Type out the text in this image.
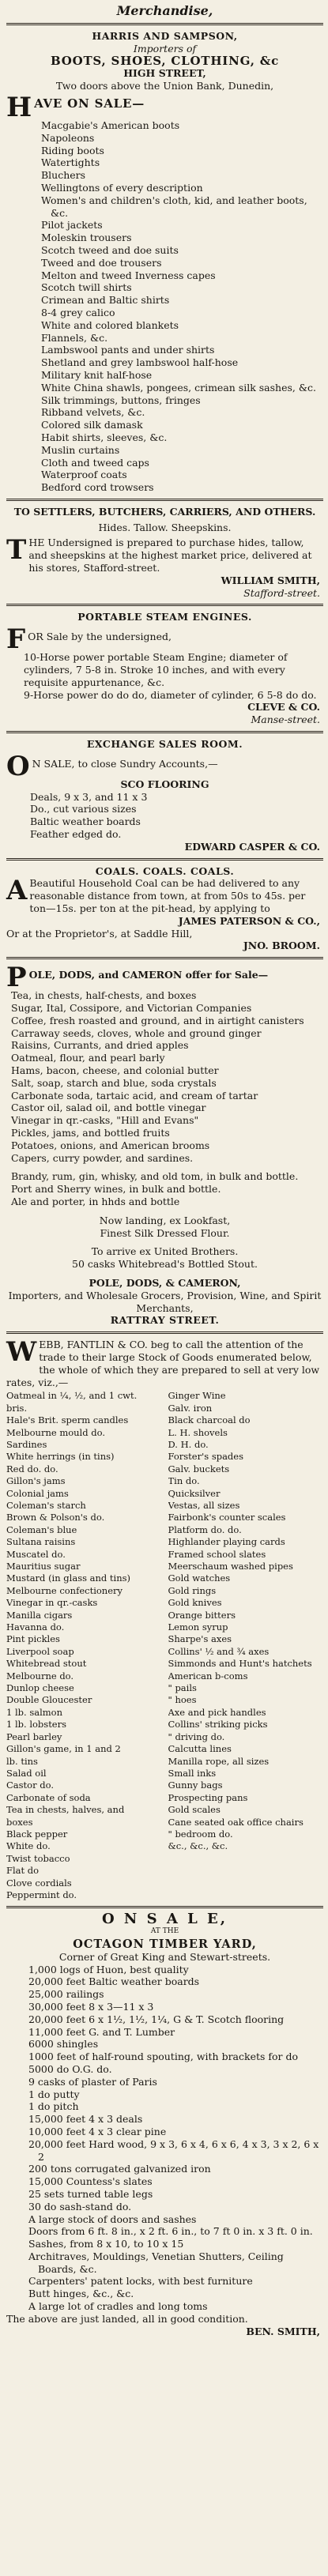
Merchandise,

HARRIS AND SAMPSON,

Importers of

BOOTS, SHOES, CLOTHING, &c

HIGH STREET,

Two doors above the Union Bank, Dunedin,

H AVE ON SALE—

Macgabie's American boots

Napoleons

Riding boots

Watertights

Bluchers

Wellingtons of every description

Women's and children's cloth, kid, and leather boots, &c.

Pilot jackets

Moleskin trousers

Scotch tweed and doe suits

Tweed and doe trousers

Melton and tweed Inverness capes

Scotch twill shirts

Crimean and Baltic shirts

8-4 grey calico

White and colored blankets

Flannels, &c.

Lambswool pants and under shirts

Shetland and grey lambswool half-hose

Military knit half-hose

White China shawls, pongees, crimean silk sashes, &c.

Silk trimmings, buttons, fringes

Ribband velvets, &c.

Colored silk damask

Habit shirts, sleeves, &c.

Muslin curtains

Cloth and tweed caps

Waterproof coats

Bedford cord trowsers

TO SETTLERS, BUTCHERS, CARRIERS, AND OTHERS.

Hides. Tallow. Sheepskins.

T HE Undersigned is prepared to purchase hides, tallow, and sheepskins at the highest market price, delivered at his stores, Stafford-street.

WILLIAM SMITH,

Stafford-street.

PORTABLE STEAM ENGINES.

F OR Sale by the undersigned,

10-Horse power portable Steam Engine; diameter of cylinders, 7 5-8 in. Stroke 10 inches, and with every requisite appurtenance, &c.

9-Horse power do do do, diameter of cylinder, 6 5-8 do do.

CLEVE & CO.

Manse-street.

EXCHANGE SALES ROOM.

O N SALE, to close Sundry Accounts,—

SCO FLOORING

Deals, 9 x 3, and 11 x 3

Do., cut various sizes

Baltic weather boards

Feather edged do.

EDWARD CASPER & CO.

COALS. COALS. COALS.

A Beautiful Household Coal can be had delivered to any reasonable distance from town, at from 50s to 45s. per ton—15s. per ton at the pit-head, by applying to

JAMES PATERSON & CO.,

Or at the Proprietor's, at Saddle Hill,

JNO. BROOM.

P OLE, DODS, and CAMERON offer for Sale—

Tea, in chests, half-chests, and boxes

Sugar, Ital, Cossipore, and Victorian Companies

Coffee, fresh roasted and ground, and in airtight canisters

Carraway seeds, cloves, whole and ground ginger

Raisins, Currants, and dried apples

Oatmeal, flour, and pearl barly

Hams, bacon, cheese, and colonial butter

Salt, soap, starch and blue, soda crystals

Carbonate soda, tartaic acid, and cream of tartar

Castor oil, salad oil, and bottle vinegar

Vinegar in qr.-casks, "Hill and Evans"

Pickles, jams, and bottled fruits

Potatoes, onions, and American brooms

Capers, curry powder, and sardines.

Brandy, rum, gin, whisky, and old tom, in bulk and bottle.

Port and Sherry wines, in bulk and bottle.

Ale and porter, in hhds and bottle

Now landing, ex Lookfast,

Finest Silk Dressed Flour.

To arrive ex United Brothers.

50 casks Whitebread's Bottled Stout.

POLE, DODS, & CAMERON,

Importers, and Wholesale Grocers, Provision, Wine, and Spirit Merchants,

RATTRAY STREET.

W EBB, FANTLIN & CO. beg to call the attention of the trade to their large Stock of Goods enumerated below, the whole of which they are prepared to sell at very low rates, viz.,—

Oatmeal in ¼, ½, and 1 cwt.

bris.

Hale's Brit. sperm candles

Melbourne mould do.

Sardines

White herrings (in tins)

Red do. do.

Gillon's jams

Colonial jams

Coleman's starch

Brown & Polson's do.

Coleman's blue

Sultana raisins

Muscatel do.

Mauritius sugar

Mustard (in glass and tins)

Melbourne confectionery

Vinegar in qr.-casks

Manilla cigars

Havanna do.

Pint pickles

Liverpool soap

Whitebread stout

Melbourne do.

Dunlop cheese

Double Gloucester

1 lb. salmon

1 lb. lobsters

Pearl barley

Gillon's game, in 1 and 2

lb. tins

Salad oil

Castor do.

Carbonate of soda

Tea in chests, halves, and

boxes

Black pepper

White do.

Twist tobacco

Flat do

Clove cordials

Peppermint do.

Ginger Wine

Galv. iron

Black charcoal do

L. H. shovels

D. H. do.

Forster's spades

Galv. buckets

Tin do.

Quicksilver

Vestas, all sizes

Fairbonk's counter scales

Platform do. do.

Highlander playing cards

Framed school slates

Meerschaum washed pipes

Gold watches

Gold rings

Gold knives

Orange bitters

Lemon syrup

Sharpe's axes

Collins' ½ and ¾ axes

Simmonds and Hunt's hatchets

American b-coms

" pails

" hoes

Axe and pick handles

Collins' striking picks

" driving do.

Calcutta lines

Manilla rope, all sizes

Small inks

Gunny bags

Prospecting pans

Gold scales

Cane seated oak office chairs

" bedroom do.

&c., &c., &c.

O N S A L E,

AT THE

OCTAGON TIMBER YARD,

Corner of Great King and Stewart-streets.

1,000 logs of Huon, best quality

20,000 feet Baltic weather boards

25,000 railings

30,000 feet 8 x 3—11 x 3

20,000 feet 6 x 1½, 1½, 1¼, G & T. Scotch flooring

11,000 feet G. and T. Lumber

6000 shingles

1000 feet of half-round spouting, with brackets for do

5000 do O.G. do.

9 casks of plaster of Paris

1 do putty

1 do pitch

15,000 feet 4 x 3 deals

10,000 feet 4 x 3 clear pine

20,000 feet Hard wood, 9 x 3, 6 x 4, 6 x 6, 4 x 3, 3 x 2, 6 x 2

200 tons corrugated galvanized iron

15,000 Countess's slates

25 sets turned table legs

30 do sash-stand do.

A large stock of doors and sashes

Doors from 6 ft. 8 in., x 2 ft. 6 in., to 7 ft 0 in. x 3 ft. 0 in.

Sashes, from 8 x 10, to 10 x 15

Architraves, Mouldings, Venetian Shutters, Ceiling Boards, &c.

Carpenters' patent locks, with best furniture

Butt hinges, &c., &c.

A large lot of cradles and long toms

The above are just landed, all in good condition.

BEN. SMITH,
